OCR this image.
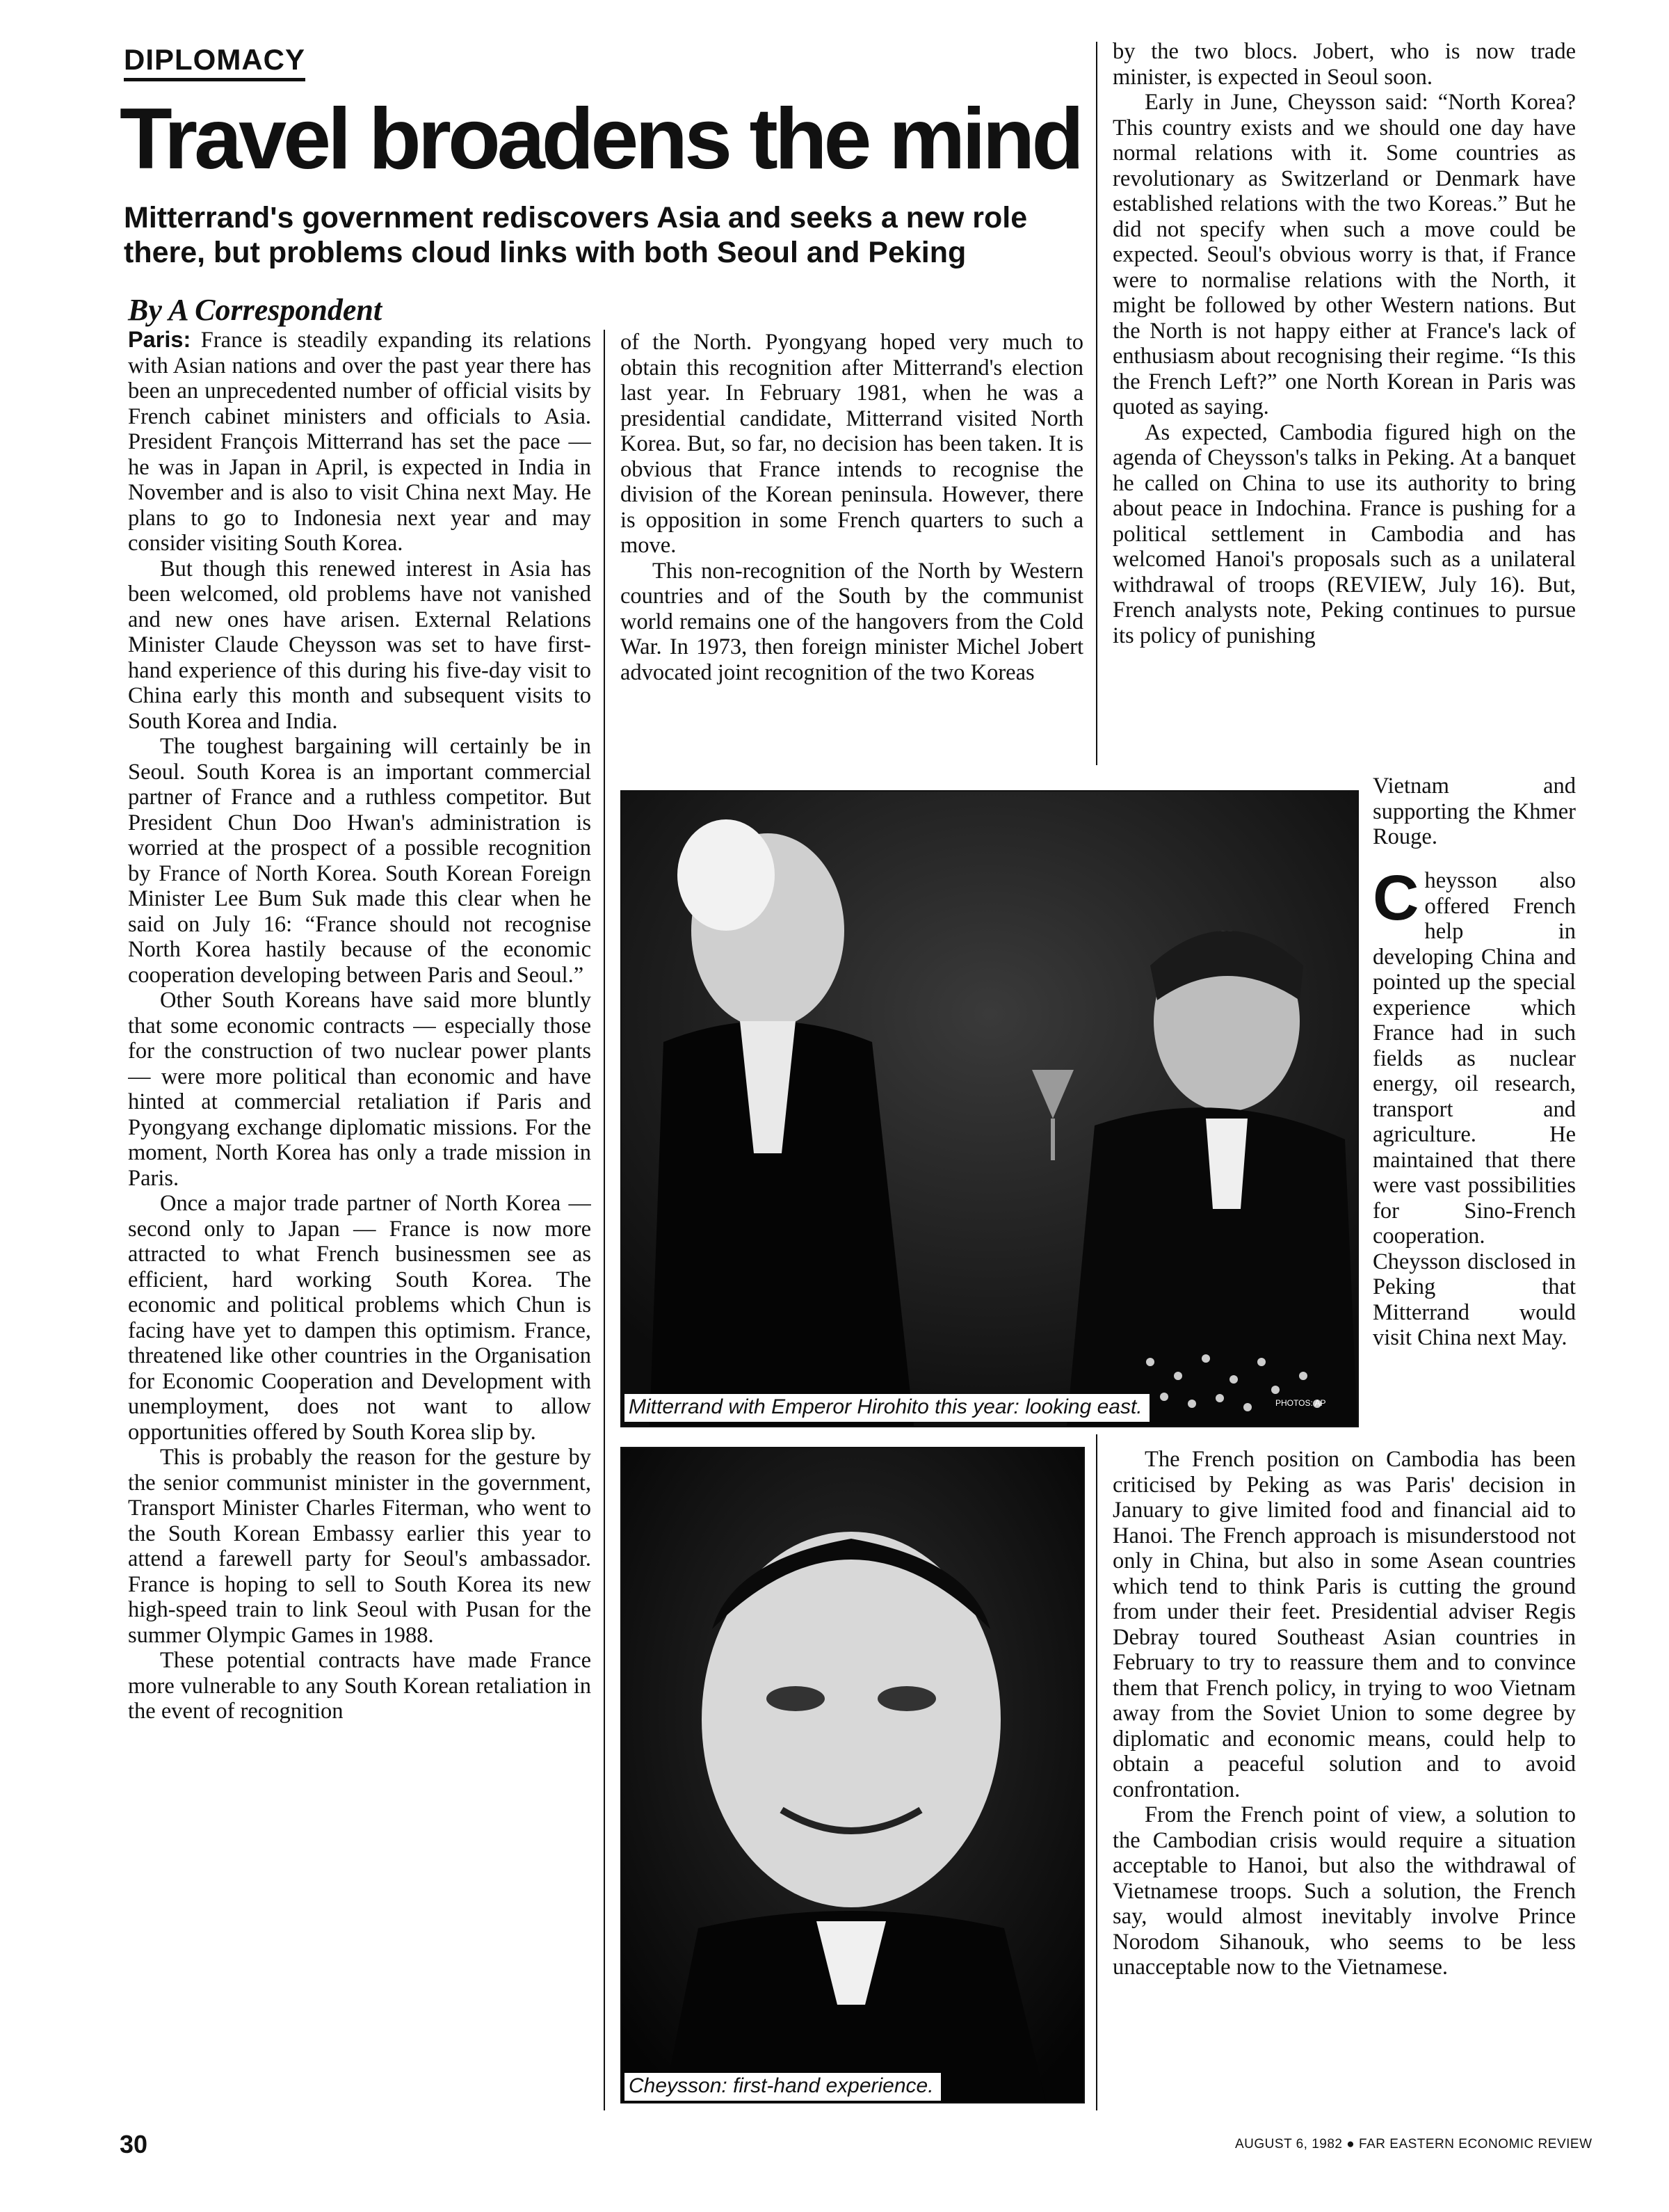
DIPLOMACY
Travel broadens the mind
Mitterrand's government rediscovers Asia and seeks a new role there, but problems cloud links with both Seoul and Peking
By A Correspondent

Paris: France is steadily expanding its relations with Asian nations and over the past year there has been an unprecedented number of official visits by French cabinet ministers and officials to Asia. President François Mitterrand has set the pace — he was in Japan in April, is expected in India in November and is also to visit China next May. He plans to go to Indonesia next year and may consider visiting South Korea.

But though this renewed interest in Asia has been welcomed, old problems have not vanished and new ones have arisen. External Relations Minister Claude Cheysson was set to have first-hand experience of this during his five-day visit to China early this month and subsequent visits to South Korea and India.

The toughest bargaining will certainly be in Seoul. South Korea is an important commercial partner of France and a ruthless competitor. But President Chun Doo Hwan's administration is worried at the prospect of a possible recognition by France of North Korea. South Korean Foreign Minister Lee Bum Suk made this clear when he said on July 16: “France should not recognise North Korea hastily because of the economic cooperation developing between Paris and Seoul.”

Other South Koreans have said more bluntly that some economic contracts — especially those for the construction of two nuclear power plants — were more political than economic and have hinted at commercial retaliation if Paris and Pyongyang exchange diplomatic missions. For the moment, North Korea has only a trade mission in Paris.

Once a major trade partner of North Korea — second only to Japan — France is now more attracted to what French businessmen see as efficient, hard working South Korea. The economic and political problems which Chun is facing have yet to dampen this optimism. France, threatened like other countries in the Organisation for Economic Cooperation and Development with unemployment, does not want to allow opportunities offered by South Korea slip by.

This is probably the reason for the gesture by the senior communist minister in the government, Transport Minister Charles Fiterman, who went to the South Korean Embassy earlier this year to attend a farewell party for Seoul's ambassador. France is hoping to sell to South Korea its new high-speed train to link Seoul with Pusan for the summer Olympic Games in 1988.

These potential contracts have made France more vulnerable to any South Korean retaliation in the event of recognition

of the North. Pyongyang hoped very much to obtain this recognition after Mitterrand's election last year. In February 1981, when he was a presidential candidate, Mitterrand visited North Korea. But, so far, no decision has been taken. It is obvious that France intends to recognise the division of the Korean peninsula. However, there is opposition in some French quarters to such a move.

This non-recognition of the North by Western countries and of the South by the communist world remains one of the hangovers from the Cold War. In 1973, then foreign minister Michel Jobert advocated joint recognition of the two Koreas

by the two blocs. Jobert, who is now trade minister, is expected in Seoul soon.

Early in June, Cheysson said: “North Korea? This country exists and we should one day have normal relations with it. Some countries as revolutionary as Switzerland or Denmark have established relations with the two Koreas.” But he did not specify when such a move could be expected. Seoul's obvious worry is that, if France were to normalise relations with the North, it might be followed by other Western nations. But the North is not happy either at France's lack of enthusiasm about recognising their regime. “Is this the French Left?” one North Korean in Paris was quoted as saying.

As expected, Cambodia figured high on the agenda of Cheysson's talks in Peking. At a banquet he called on China to use its authority to bring about peace in Indochina. France is pushing for a political settlement in Cambodia and has welcomed Hanoi's proposals such as a unilateral withdrawal of troops (REVIEW, July 16). But, French analysts note, Peking continues to pursue its policy of punishing

Vietnam and supporting the Khmer Rouge.

Cheysson also offered French help in developing China and pointed up the special experience which France had in such fields as nuclear energy, oil research, transport and agriculture. He maintained that there were vast possibilities for Sino-French cooperation. Cheysson disclosed in Peking that Mitterrand would visit China next May.

The French position on Cambodia has been criticised by Peking as was Paris' decision in January to give limited food and financial aid to Hanoi. The French approach is misunderstood not only in China, but also in some Asean countries which tend to think Paris is cutting the ground from under their feet. Presidential adviser Regis Debray toured Southeast Asian countries in February to try to reassure them and to convince them that French policy, in trying to woo Vietnam away from the Soviet Union to some degree by diplomatic and economic means, could help to obtain a peaceful solution and to avoid confrontation.

From the French point of view, a solution to the Cambodian crisis would require a situation acceptable to Hanoi, but also the withdrawal of Vietnamese troops. Such a solution, the French say, would almost inevitably involve Prince Norodom Sihanouk, who seems to be less unacceptable now to the Vietnamese.

Mitterrand with Emperor Hirohito this year: looking east.	PHOTOS: AP
Cheysson: first-hand experience.
30	AUGUST 6, 1982 ● FAR EASTERN ECONOMIC REVIEW
